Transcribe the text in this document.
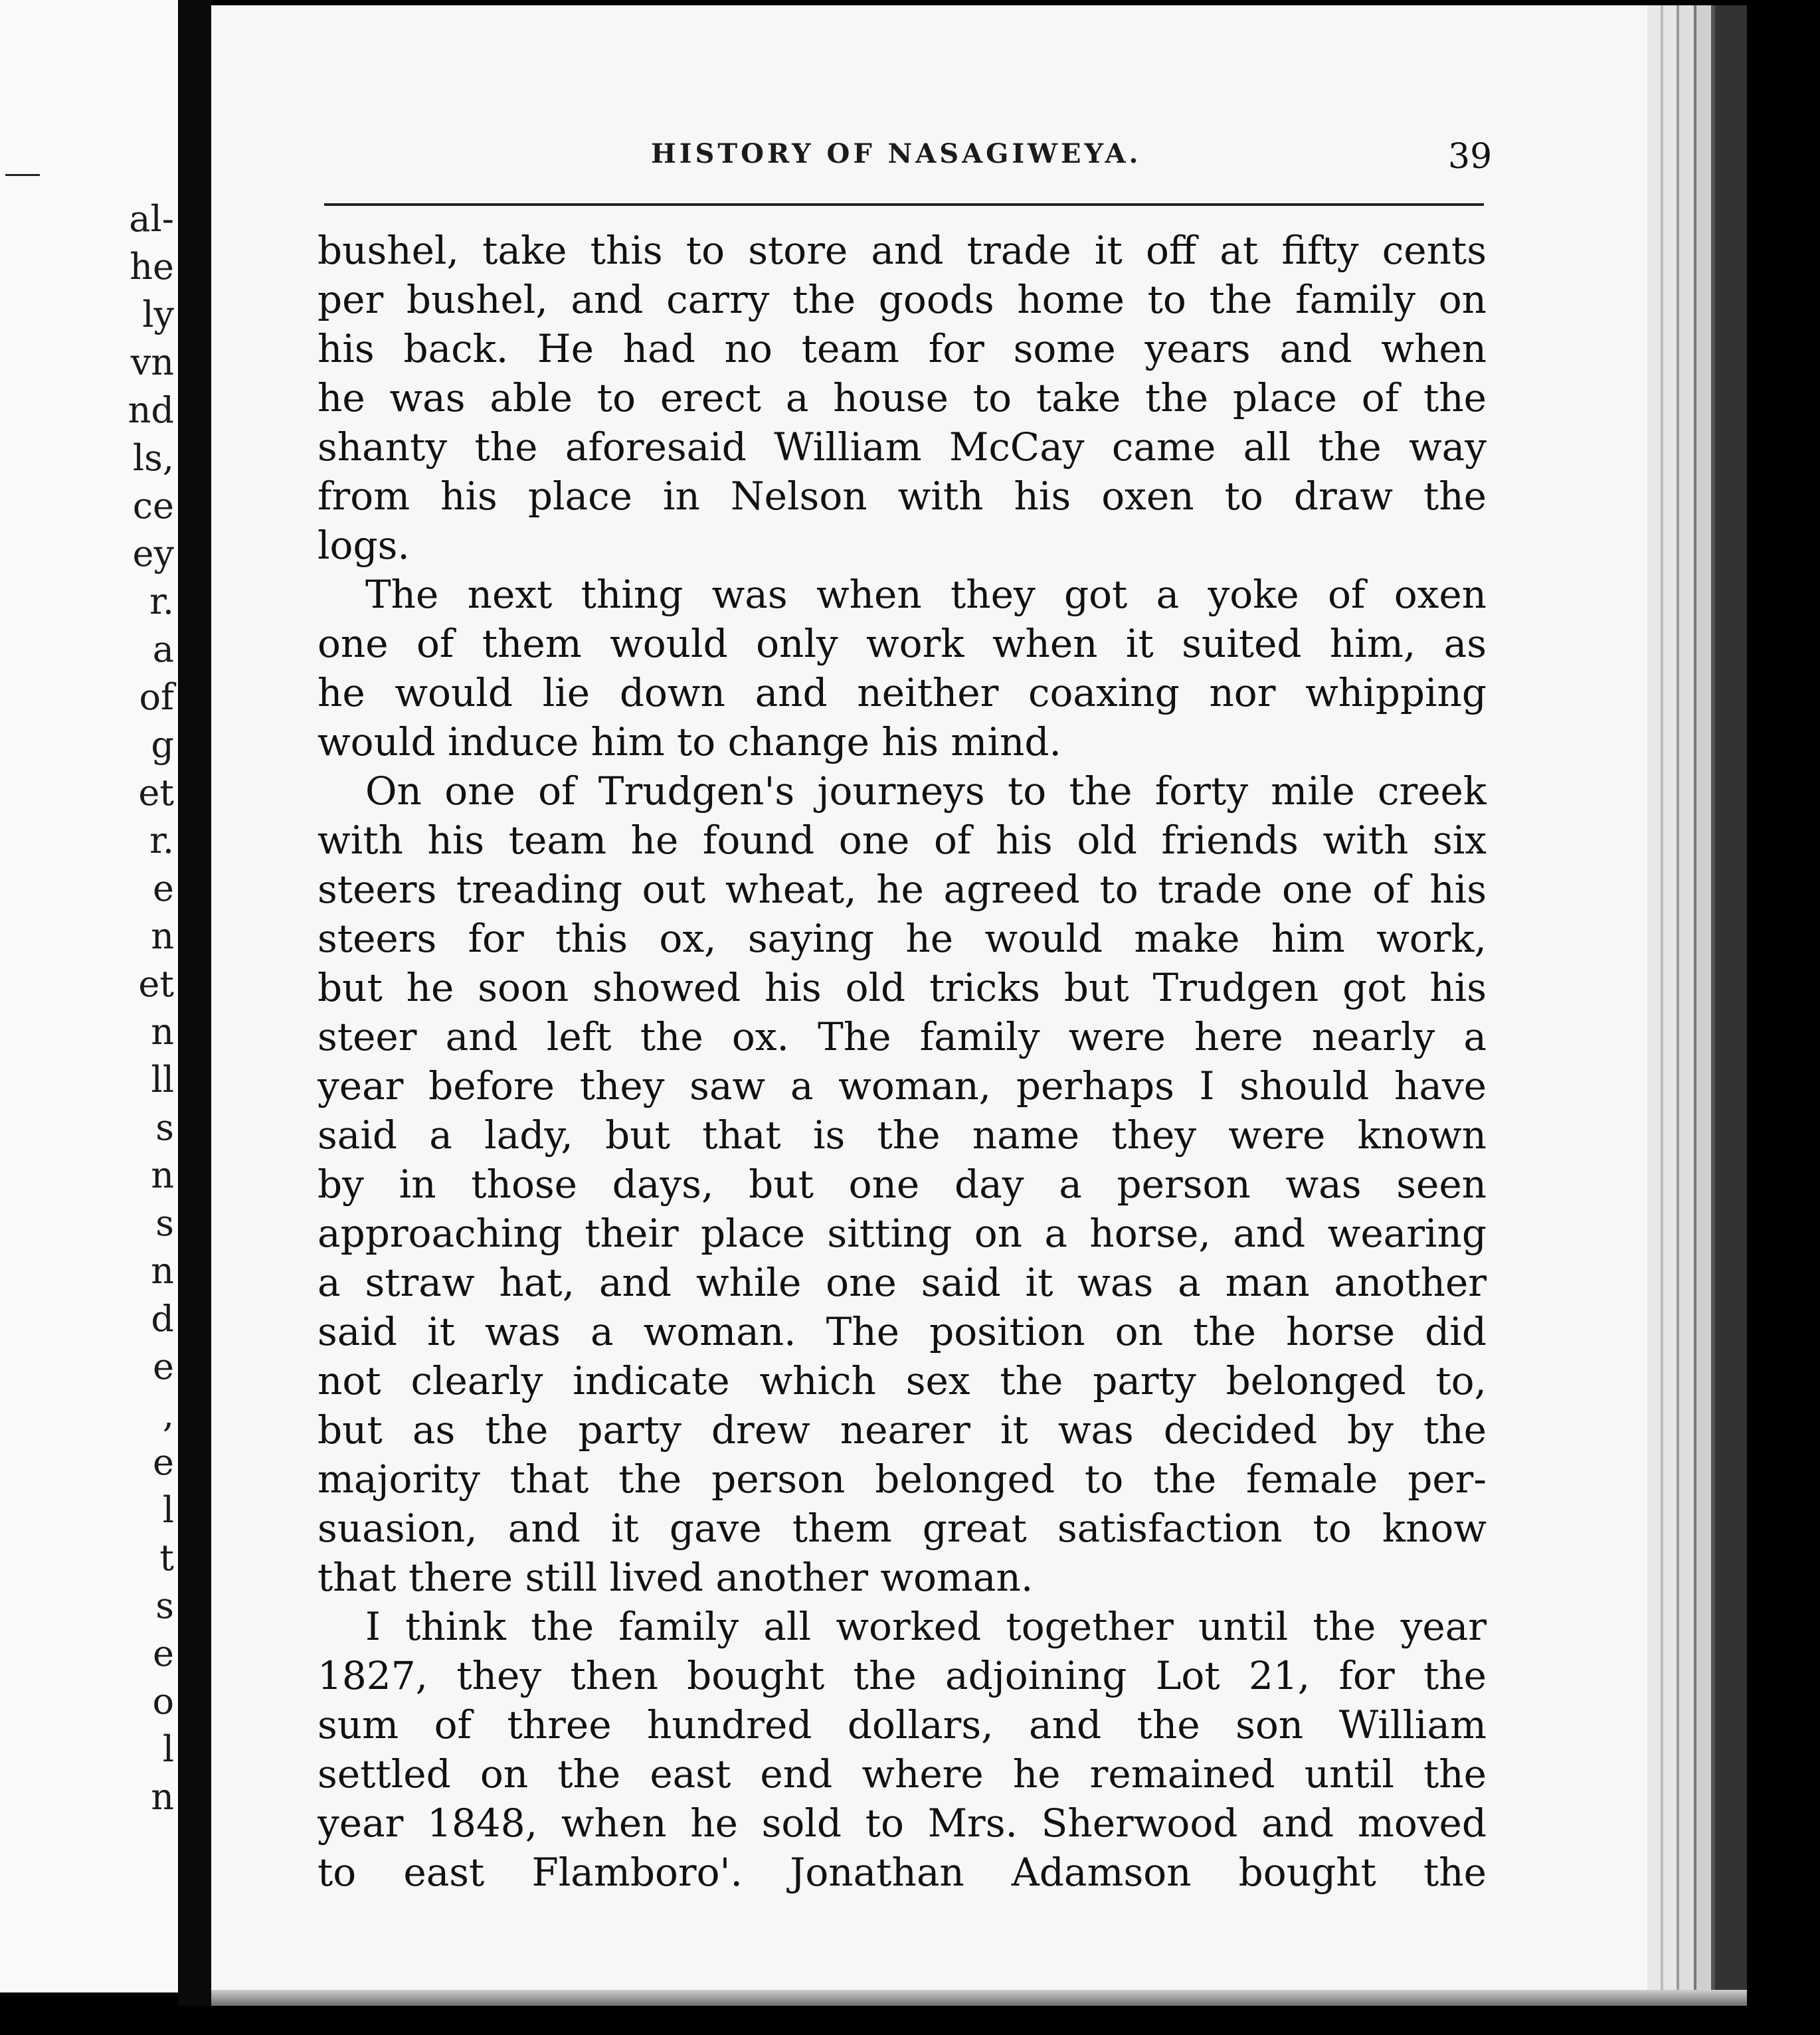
al-

he

ly

vn

nd

ls,

ce

ey

r.

a

of

g

et

r.

e

n

et

n

ll

s

n

s

n

d

e

,

e

l

t

s

e

o

l

n

HISTORY OF NASAGIWEYA.	39

bushel, take this to store and trade it off at fifty cents
per bushel, and carry the goods home to the family on
his back. He had no team for some years and when
he was able to erect a house to take the place of the
shanty the aforesaid William McCay came all the way
from his place in Nelson with his oxen to draw the
logs.
The next thing was when they got a yoke of oxen
one of them would only work when it suited him, as
he would lie down and neither coaxing nor whipping
would induce him to change his mind.
On one of Trudgen's journeys to the forty mile creek
with his team he found one of his old friends with six
steers treading out wheat, he agreed to trade one of his
steers for this ox, saying he would make him work,
but he soon showed his old tricks but Trudgen got his
steer and left the ox. The family were here nearly a
year before they saw a woman, perhaps I should have
said a lady, but that is the name they were known
by in those days, but one day a person was seen
approaching their place sitting on a horse, and wearing
a straw hat, and while one said it was a man another
said it was a woman. The position on the horse did
not clearly indicate which sex the party belonged to,
but as the party drew nearer it was decided by the
majority that the person belonged to the female per-
suasion, and it gave them great satisfaction to know
that there still lived another woman.
I think the family all worked together until the year
1827, they then bought the adjoining Lot 21, for the
sum of three hundred dollars, and the son William
settled on the east end where he remained until the
year 1848, when he sold to Mrs. Sherwood and moved
to east Flamboro'. Jonathan Adamson bought the
